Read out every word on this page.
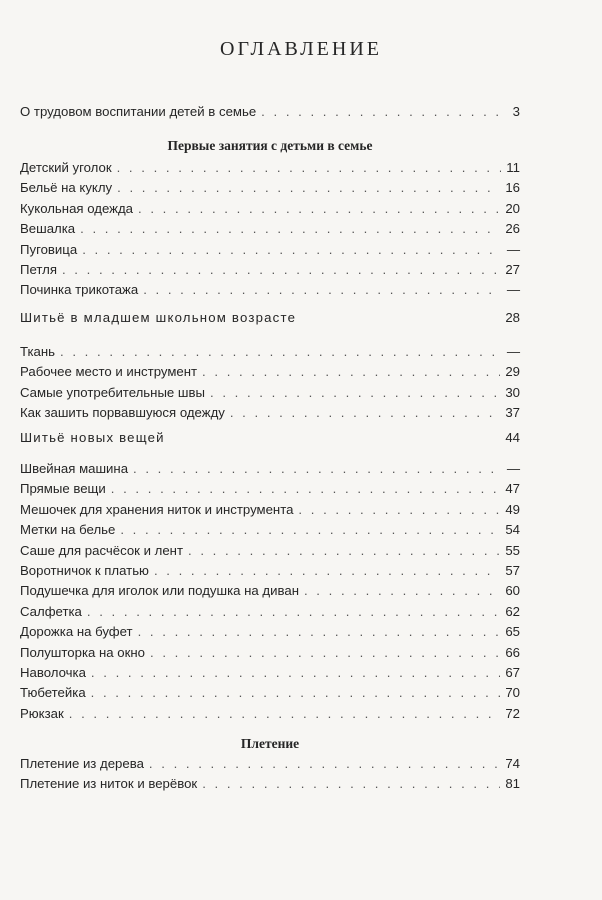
ОГЛАВЛЕНИЕ
О трудовом воспитании детей в семье . . .	3
Первые занятия с детьми в семье
Детский уголок . . .	11
Бельё на куклу . . .	16
Кукольная одежда . . .	20
Вешалка . . .	26
Пуговица . . .	—
Петля . . .	27
Починка трикотажа . . .	—
Шитьё в младшем школьном возрасте	28
Ткань . . .	—
Рабочее место и инструмент . . .	29
Самые употребительные швы . . .	30
Как зашить порвавшуюся одежду . . .	37
Шитьё новых вещей	44
Швейная машина . . .	—
Прямые вещи . . .	47
Мешочек для хранения ниток и инструмента . . .	49
Метки на белье . . .	54
Саше для расчёсок и лент . . .	55
Воротничок к платью . . .	57
Подушечка для иголок или подушка на диван . . .	60
Салфетка . . .	62
Дорожка на буфет . . .	65
Полушторка на окно . . .	66
Наволочка . . .	67
Тюбетейка . . .	70
Рюкзак . . .	72
Плетение
Плетение из дерева . . .	74
Плетение из ниток и верёвок . . .	81
